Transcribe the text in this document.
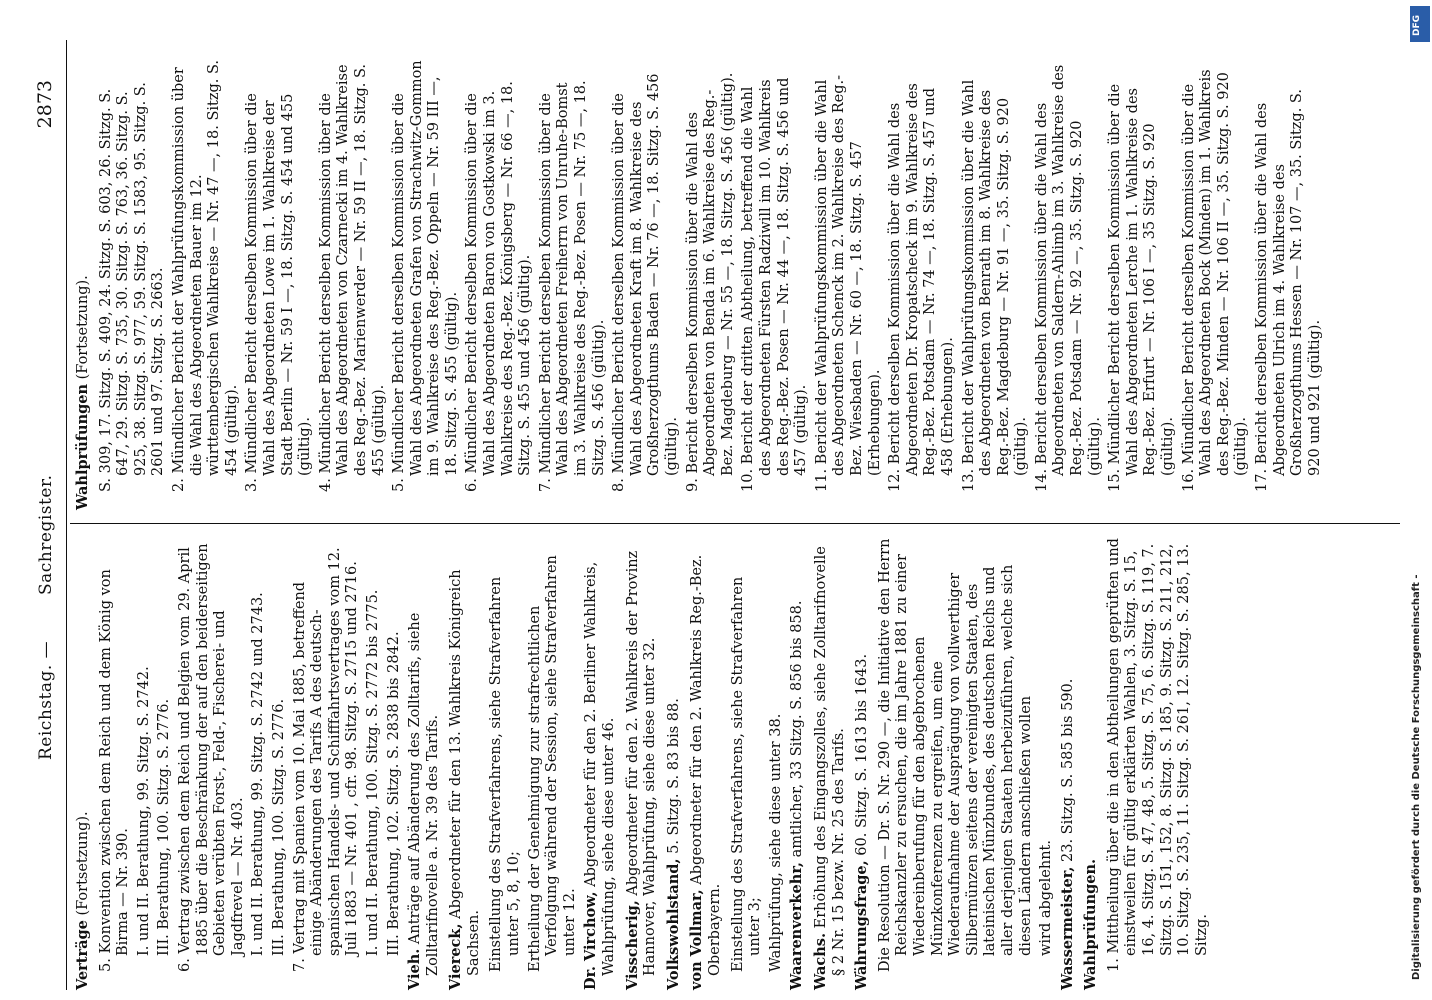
Reichstag. —
Sachregister.
2873
Verträge (Fortsetzung). 5. Konvention zwischen dem Reich und dem König von Birma — Nr. 390. I. und II. Berathung, 99. Sitzg. S. 2742. III. Berathung, 100. Sitzg. S. 2776. 6. Vertrag zwischen dem Reich und Belgien vom 29. April 1885 über die Beschränkung der auf den beiderseitigen Gebieten verübten Forst-, Feld-, Fischerei- und Jagdfrevel — Nr. 403. I. und II. Berathung, 99. Sitzg. S. 2742 und 2743. III. Berathung, 100. Sitzg. S. 2776. 7. Vertrag mit Spanien vom 10. Mai 1885, betreffend einige Abänderungen des Tarifs A des deutsch-spanischen Handels- und Schifffahrtsvertrages vom 12. Juli 1883 — Nr. 401 , cfr. 98. Sitzg. S. 2715 und 2716. I. und II. Berathung, 100. Sitzg. S. 2772 bis 2775. III. Berathung, 102. Sitzg. S. 2838 bis 2842.
Vieh. Anträge auf Abänderung des Zolltarifs, siehe Zolltarifnovelle a. Nr. 39 des Tarifs. Viereck, Abgeordneter für den 13. Wahlkreis Königreich Sachsen. Einstellung des Strafverfahrens, siehe Strafverfahren unter 5, 8, 10; Ertheilung der Genehmigung zur strafrechtlichen Verfolgung während der Session, siehe Strafverfahren unter 12. Dr. Virchow, Abgeordneter für den 2. Berliner Wahlkreis, Wahlprüfung, siehe diese unter 46. Visscherig, Abgeordneter für den 2. Wahlkreis der Provinz Hannover, Wahlprüfung, siehe diese unter 32. Volkswohlstand, 5. Sitzg. S. 83 bis 88.
von Vollmar, Abgeordneter für den 2. Wahlkreis Reg.-Bez. Oberbayern. Einstellung des Strafverfahrens, siehe Strafverfahren unter 3; Wahlprüfung, siehe diese unter 38. Waarenverkehr, amtlicher, 33 Sitzg. S. 856 bis 858.
Wachs. Erhöhung des Eingangszolles, siehe Zolltarifnovelle § 2 Nr. 15 bezw. Nr. 25 des Tarifs. Währungsfrage, 60. Sitzg. S. 1613 bis 1643. Die Resolution — Dr. S. Nr. 290 —, die Initiative den Herrn Reichskanzler zu ersuchen, die im Jahre 1881 zu einer Wiedereinberufung für den abgebrochenen Münzkonferenzen zu ergreifen, um eine Wiederaufnahme der Ausprägung von vollwerthiger Silbermünzen seitens der vereinigten Staaten, des lateinischen Münzbundes, des deutschen Reichs und aller derjenigen Staaten herbeizuführen, welche sich diesen Ländern anschließen wollen wird abgelehnt. Wassermeister, 23. Sitzg. S. 585 bis 590.
Wahlprüfungen. 1. Mittheilung über die in den Abtheilungen geprüften und einstweilen für gültig erklärten Wahlen, 3. Sitzg. S. 15, 16, 4. Sitzg. S. 47, 48, 5. Sitzg. S. 75, 6. Sitzg. S. 119, 7. Sitzg. S. 151, 152, 8. Sitzg. S. 185, 9. Sitzg. S. 211, 212, 10. Sitzg. S. 235, 11. Sitzg. S. 261, 12. Sitzg. S. 285, 13. Sitzg.
Wahlprüfungen (Fortsetzung). S. 309, 17. Sitzg. S. 409, 24. Sitzg. S. 603, 26. Sitzg. S. 647, 29. Sitzg. S. 735, 30. Sitzg. S. 763, 36. Sitzg. S. 925, 38. Sitzg. S. 977, 59. Sitzg. S. 1583, 95. Sitzg. S. 2601 und 97. Sitzg. S. 2663. 2. Mündlicher Bericht der Wahlprüfungskommission über die Wahl des Abgeordneten Bauer im 12. württembergischen Wahlkreise — Nr. 47 —, 18. Sitzg. S. 454 (gültig). 3. Mündlicher Bericht derselben Kommission über die Wahl des Abgeordneten Lowe im 1. Wahlkreise der Stadt Berlin — Nr. 59 I —, 18. Sitzg. S. 454 und 455 (gültig). 4. Mündlicher Bericht derselben Kommission über die Wahl des Abgeordneten von Czarnecki im 4. Wahlkreise des Reg.-Bez. Marienwerder — Nr. 59 II —, 18. Sitzg. S. 455 (gültig). 5. Mündlicher Bericht derselben Kommission über die Wahl des Abgeordneten Grafen von Strachwitz-Gommon im 9. Wahlkreise des Reg.-Bez. Oppeln — Nr. 59 III —, 18. Sitzg. S. 455 (gültig). 6. Mündlicher Bericht derselben Kommission über die Wahl des Abgeordneten Baron von Gostkowski im 3. Wahlkreise des Reg.-Bez. Königsberg — Nr. 66 —, 18. Sitzg. S. 455 und 456 (gültig). 7. Mündlicher Bericht derselben Kommission über die Wahl des Abgeordneten Freiherrn von Unruhe-Bomst im 3. Wahlkreise des Reg.-Bez. Posen — Nr. 75 —, 18. Sitzg. S. 456 (gültig). 8. Mündlicher Bericht derselben Kommission über die Wahl des Abgeordneten Kraft im 8. Wahlkreise des Großherzogthums Baden — Nr. 76 —, 18. Sitzg. S. 456 (gültig). 9. Bericht derselben Kommission über die Wahl des Abgeordneten von Benda im 6. Wahlkreise des Reg.-Bez. Magdeburg — Nr. 55 —, 18. Sitzg. S. 456 (gültig). 10. Bericht der dritten Abtheilung, betreffend die Wahl des Abgeordneten Fürsten Radziwill im 10. Wahlkreis des Reg.-Bez. Posen — Nr. 44 —, 18. Sitzg. S. 456 und 457 (gültig). 11. Bericht der Wahlprüfungskommission über die Wahl des Abgeordneten Schenck im 2. Wahlkreise des Reg.-Bez. Wiesbaden — Nr. 60 —, 18. Sitzg. S. 457 (Erhebungen). 12. Bericht derselben Kommission über die Wahl des Abgeordneten Dr. Kropatscheck im 9. Wahlkreise des Reg.-Bez. Potsdam — Nr. 74 —, 18. Sitzg. S. 457 und 458 (Erhebungen). 13. Bericht der Wahlprüfungskommission über die Wahl des Abgeordneten von Benrath im 8. Wahlkreise des Reg.-Bez. Magdeburg — Nr. 91 —, 35. Sitzg. S. 920 (gültig). 14. Bericht derselben Kommission über die Wahl des Abgeordneten von Saldern-Ahlimb im 3. Wahlkreise des Reg.-Bez. Potsdam — Nr. 92 —, 35. Sitzg. S. 920 (gültig). 15. Mündlicher Bericht derselben Kommission über die Wahl des Abgeordneten Lerche im 1. Wahlkreise des Reg.-Bez. Erfurt — Nr. 106 I —, 35 Sitzg. S. 920 (gültig). 16. Mündlicher Bericht derselben Kommission über die Wahl des Abgeordneten Bock (Minden) im 1. Wahlkreis des Reg.-Bez. Minden — Nr. 106 II —, 35. Sitzg. S. 920 (gültig). 17. Bericht derselben Kommission über die Wahl des Abgeordneten Ulrich im 4. Wahlkreise des Großherzogthums Hessen — Nr. 107 —, 35. Sitzg. S. 920 und 921 (gültig).
Digitalisierung gefördert durch die Deutsche Forschungsgemeinschaft -
DFG
